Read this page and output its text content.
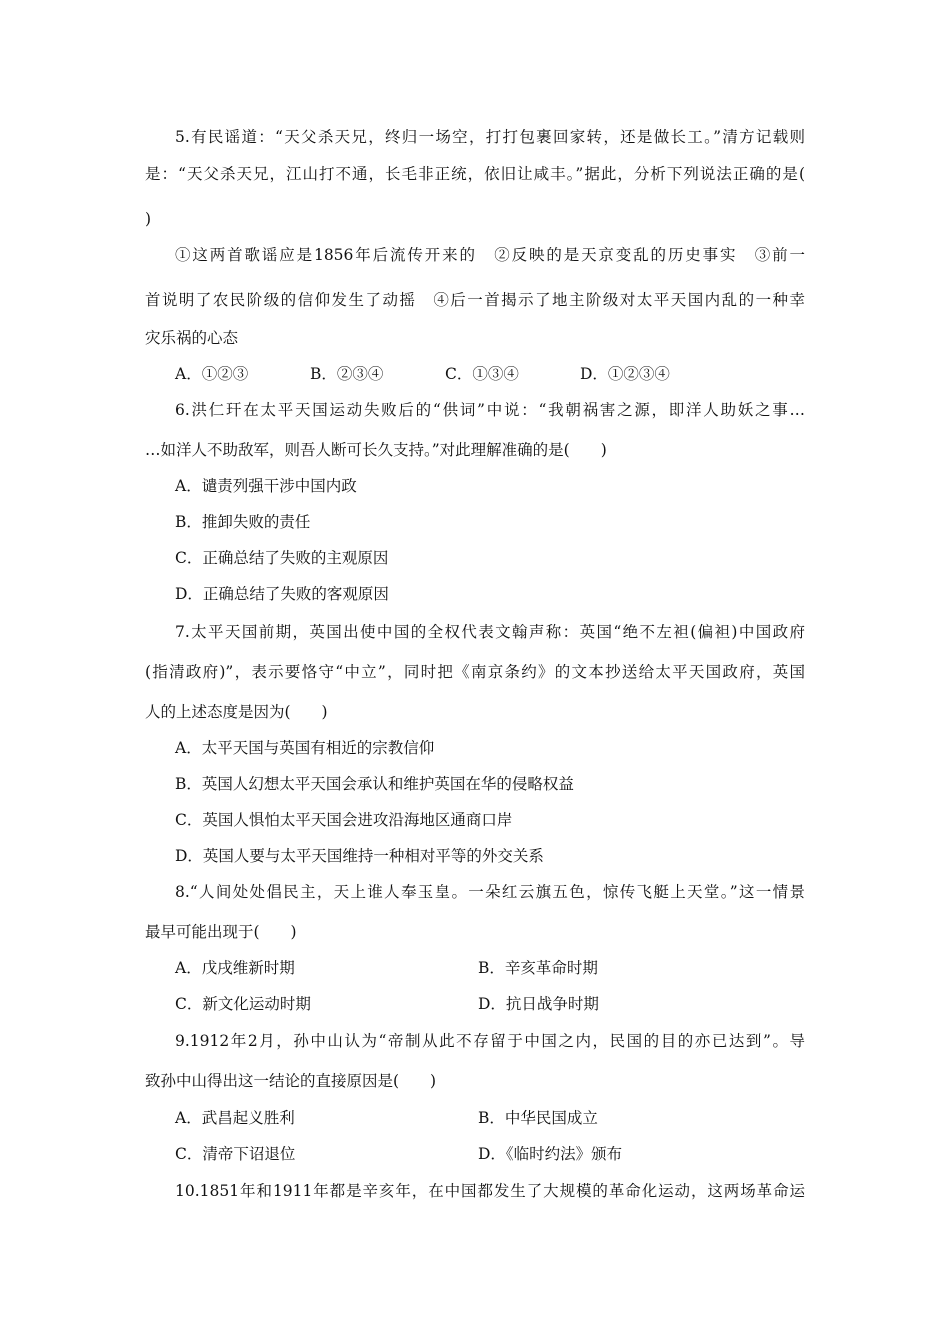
5.有民谣道：“天父杀天兄，终归一场空，打打包裹回家转，还是做长工。”清方记载则
是：“天父杀天兄，江山打不通，长毛非正统，依旧让咸丰。”据此，分析下列说法正确的是(
)
①这两首歌谣应是1856年后流传开来的　②反映的是天京变乱的历史事实　③前一
首说明了农民阶级的信仰发生了动摇　④后一首揭示了地主阶级对太平天国内乱的一种幸
灾乐祸的心态
A．①②③	B．②③④	C．①③④	D．①②③④
6.洪仁玕在太平天国运动失败后的“供词”中说：“我朝祸害之源，即洋人助妖之事…
…如洋人不助敌军，则吾人断可长久支持。”对此理解准确的是(　　)
A．谴责列强干涉中国内政
B．推卸失败的责任
C．正确总结了失败的主观原因
D．正确总结了失败的客观原因
7.太平天国前期，英国出使中国的全权代表文翰声称：英国“绝不左袒(偏袒)中国政府
(指清政府)”，表示要恪守“中立”，同时把《南京条约》的文本抄送给太平天国政府，英国
人的上述态度是因为(　　)
A．太平天国与英国有相近的宗教信仰
B．英国人幻想太平天国会承认和维护英国在华的侵略权益
C．英国人惧怕太平天国会进攻沿海地区通商口岸
D．英国人要与太平天国维持一种相对平等的外交关系
8.“人间处处倡民主，天上谁人奉玉皇。一朵红云旗五色，惊传飞艇上天堂。”这一情景
最早可能出现于(　　)
A．戊戌维新时期	B．辛亥革命时期
C．新文化运动时期	D．抗日战争时期
9.1912年2月，孙中山认为“帝制从此不存留于中国之内，民国的目的亦已达到”。导
致孙中山得出这一结论的直接原因是(　　)
A．武昌起义胜利	B．中华民国成立
C．清帝下诏退位	D．《临时约法》颁布
10.1851年和1911年都是辛亥年，在中国都发生了大规模的革命化运动，这两场革命运
